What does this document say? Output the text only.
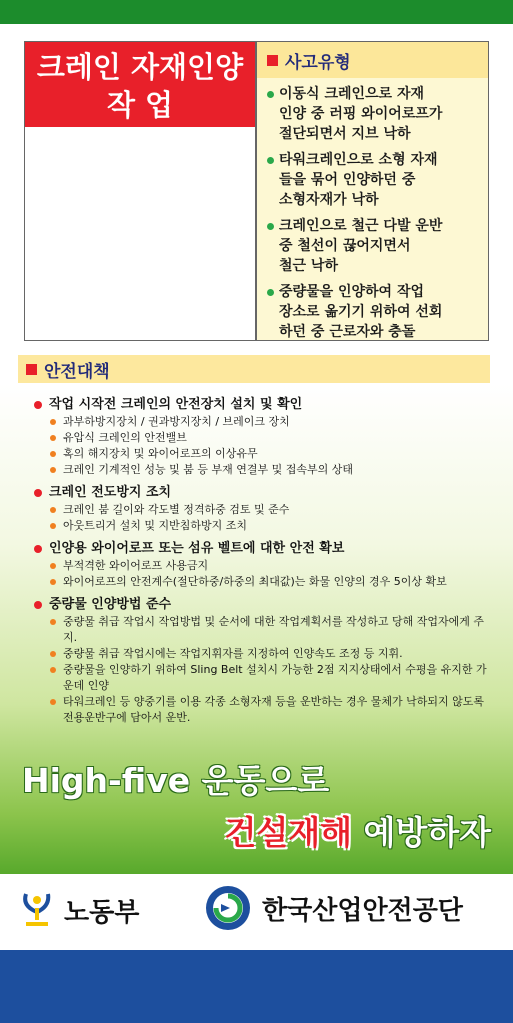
크레인 자재인양
작 업
사고유형
이동식 크레인으로 자재
인양 중 러핑 와이어로프가
절단되면서 지브 낙하
타워크레인으로 소형 자재
들을 묶어 인양하던 중
소형자재가 낙하
크레인으로 철근 다발 운반
중 철선이 끊어지면서
철근 낙하
중량물을 인양하여 작업
장소로 옮기기 위하여 선회
하던 중 근로자와 충돌
안전대책
작업 시작전 크레인의 안전장치 설치 및 확인
과부하방지장치 / 권과방지장치 / 브레이크 장치
유압식 크레인의 안전밸브
혹의 해지장치 및 와이어로프의 이상유무
크레인 기계적인 성능 및 붐 등 부재 연결부 및 접속부의 상태
크레인 전도방지 조치
크레인 붐 길이와 각도별 정격하중 검토 및 준수
아웃트리거 설치 및 지반침하방지 조치
인양용 와이어로프 또는 섬유 벨트에 대한 안전 확보
부적격한 와이어로프 사용금지
와이어로프의 안전계수(절단하중/하중의 최대값)는 화물 인양의 경우 5이상 확보
중량물 인양방법 준수
중량물 취급 작업시 작업방법 및 순서에 대한 작업계획서를 작성하고 당해 작업자에게 주지.
중량물 취급 작업시에는 작업지휘자를 지정하여 인양속도 조정 등 지휘.
중량물을 인양하기 위하여 Sling Belt 설치시 가능한 2점 지지상태에서 수평을 유지한 가운데 인양
타워크레인 등 양중기를 이용 각종 소형자재 등을 운반하는 경우 물체가 낙하되지 않도록 전용운반구에 담아서 운반.
High-five 운동으로
건설재해 예방하자
노동부	한국산업안전공단
